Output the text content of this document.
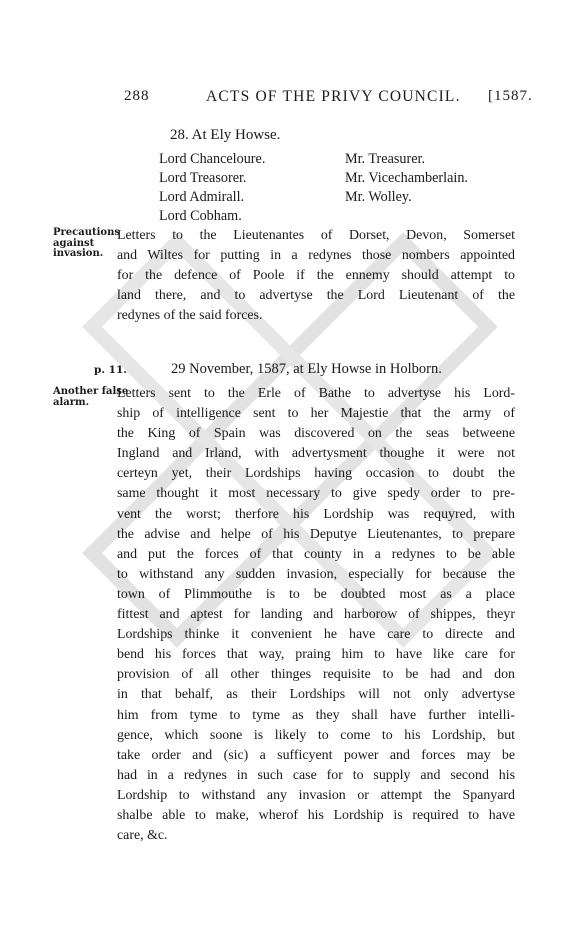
288	ACTS OF THE PRIVY COUNCIL. [1587.
28. At Ely Howse.
Lord Chanceloure.
Lord Treasorer.
Lord Admirall.
Lord Cobham.
Mr. Treasurer.
Mr. Vicechamberlain.
Mr. Wolley.
Precautions
against
invasion.
Letters to the Lieutenantes of Dorset, Devon, Somerset
and Wiltes for putting in a redynes those nombers appointed
for the defence of Poole if the ennemy should attempt to
land there, and to advertyse the Lord Lieutenant of the
redynes of the said forces.
p. 11.	29 November, 1587, at Ely Howse in Holborn.
Another false
alarm.
Letters sent to the Erle of Bathe to advertyse his Lord-
ship of intelligence sent to her Majestie that the army of
the King of Spain was discovered on the seas betweene
Ingland and Irland, with advertysment thoughe it were not
certeyn yet, their Lordships having occasion to doubt the
same thought it most necessary to give spedy order to pre-
vent the worst; therfore his Lordship was requyred, with
the advise and helpe of his Deputye Lieutenantes, to prepare
and put the forces of that county in a redynes to be able
to withstand any sudden invasion, especially for because the
town of Plimmouthe is to be doubted most as a place
fittest and aptest for landing and harborow of shippes, theyr
Lordships thinke it convenient he have care to directe and
bend his forces that way, praing him to have like care for
provision of all other thinges requisite to be had and don
in that behalf, as their Lordships will not only advertyse
him from tyme to tyme as they shall have further intelli-
gence, which soone is likely to come to his Lordship, but
take order and (sic) a sufficyent power and forces may be
had in a redynes in such case for to supply and second his
Lordship to withstand any invasion or attempt the Spanyard
shalbe able to make, wherof his Lordship is required to have
care, &c.
